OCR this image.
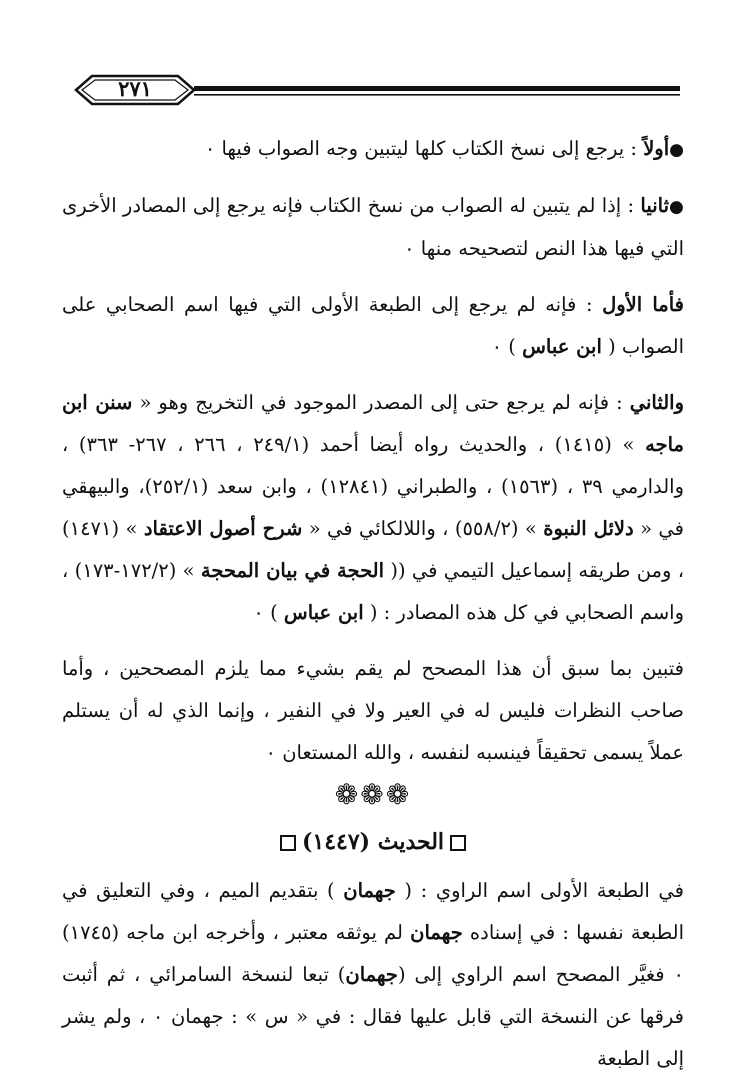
٢٧١

●أولاً : يرجع إلى نسخ الكتاب كلها ليتبين وجه الصواب فيها ٠

●ثانيا : إذا لم يتبين له الصواب من نسخ الكتاب فإنه يرجع إلى المصادر الأخرى التي فيها هذا النص لتصحيحه منها ٠

فأما الأول : فإنه لم يرجع إلى الطبعة الأولى التي فيها اسم الصحابي على الصواب ( ابن عباس ) ٠

والثاني : فإنه لم يرجع حتى إلى المصدر الموجود في التخريج وهو « سنن ابن ماجه » (١٤١٥) ، والحديث رواه أيضا أحمد (٢٤٩/١ ، ٢٦٦ ، ٢٦٧- ٣٦٣) ، والدارمي ٣٩ ، (١٥٦٣) ، والطبراني (١٢٨٤١) ، وابن سعد (٢٥٢/١)، والبيهقي في « دلائل النبوة » (٥٥٨/٢) ، واللالكائي في « شرح أصول الاعتقاد » (١٤٧١) ، ومن طريقه إسماعيل التيمي في (( الحجة في بيان المحجة » (١٧٢/٢-١٧٣) ، واسم الصحابي في كل هذه المصادر : ( ابن عباس ) ٠

فتبين بما سبق أن هذا المصحح لم يقم بشيء مما يلزم المصححين ، وأما صاحب النظرات فليس له في العير ولا في النفير ، وإنما الذي له أن يستلم عملاً يسمى تحقيقاً فينسبه لنفسه ، والله المستعان ٠

❁❁❁
الحديث (١٤٤٧)

في الطبعة الأولى اسم الراوي : ( جهمان ) بتقديم الميم ، وفي التعليق في الطبعة نفسها : في إسناده جهمان لم يوثقه معتبر ، وأخرجه ابن ماجه (١٧٤٥) ٠ فغيَّر المصحح اسم الراوي إلى (جهمان) تبعا لنسخة السامرائي ، ثم أثبت فرقها عن النسخة التي قابل عليها فقال : في « س » : جهمان ٠ ، ولم يشر إلى الطبعة
